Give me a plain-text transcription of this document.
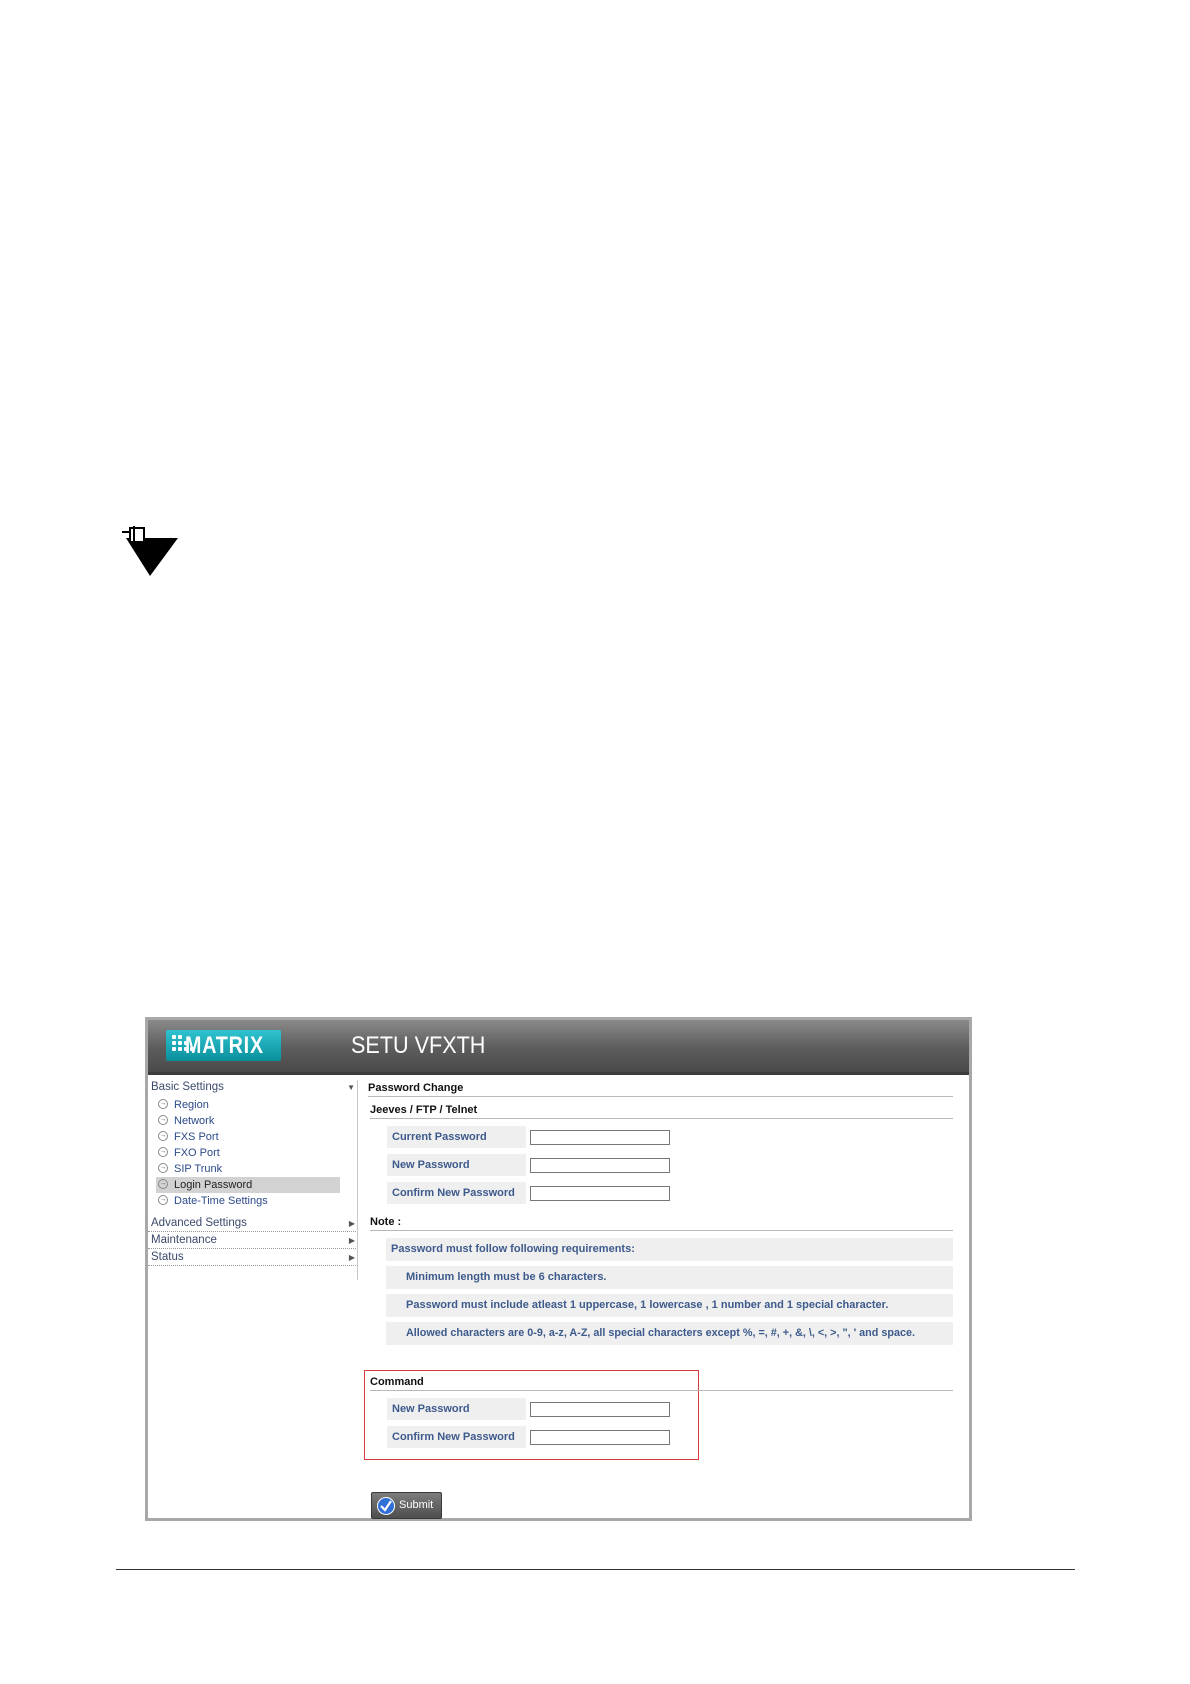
MATRIX	SETU VFXTH
Basic Settings	▼
→ Region
→ Network
→ FXS Port
→ FXO Port
→ SIP Trunk
→ Login Password
→ Date-Time Settings
Advanced Settings	▶
Maintenance	▶
Status	▶
Password Change
Jeeves / FTP / Telnet
Current Password
New Password
Confirm New Password
Note :
Password must follow following requirements:
Minimum length must be 6 characters.
Password must include atleast 1 uppercase, 1 lowercase , 1 number and 1 special character.
Allowed characters are 0-9, a-z, A-Z, all special characters except %, =, #, +, &, \, <, >, ", ' and space.
Command
New Password
Confirm New Password
Submit
